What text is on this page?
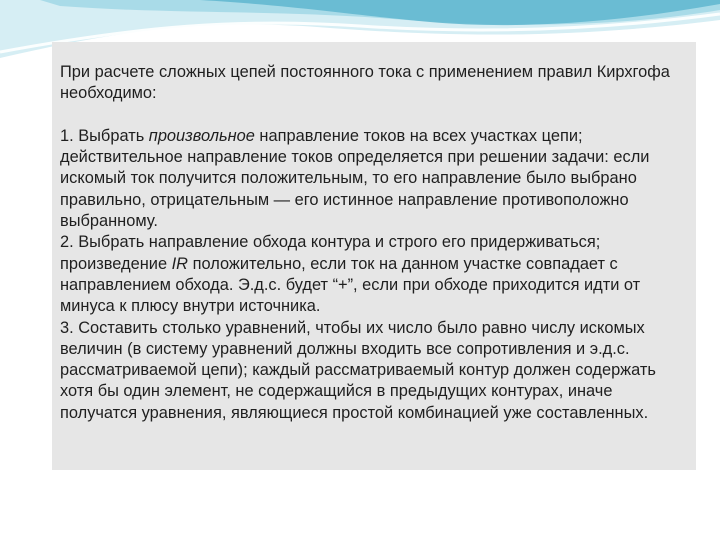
При расчете сложных цепей постоянного тока с применением правил Кирхгофа необходимо:

1. Выбрать произвольное направление токов на всех участках цепи; действительное направление токов определяется при решении задачи: если искомый ток получится положительным, то его направление было выбрано правильно, отрицательным — его истинное направление противоположно выбранному.

2. Выбрать направление обхода контура и строго его придерживаться; произведение IR положительно, если ток на данном участке совпадает с направлением обхода. Э.д.с. будет “+”, если при обходе приходится идти от минуса к плюсу внутри источника.

3. Составить столько уравнений, чтобы их число было равно числу искомых величин (в систему уравнений должны входить все сопротивления и э.д.с. рассматриваемой цепи); каждый рассматриваемый контур должен содержать хотя бы один элемент, не содержащийся в предыдущих контурах, иначе получатся уравнения, являющиеся простой комбинацией уже составленных.
